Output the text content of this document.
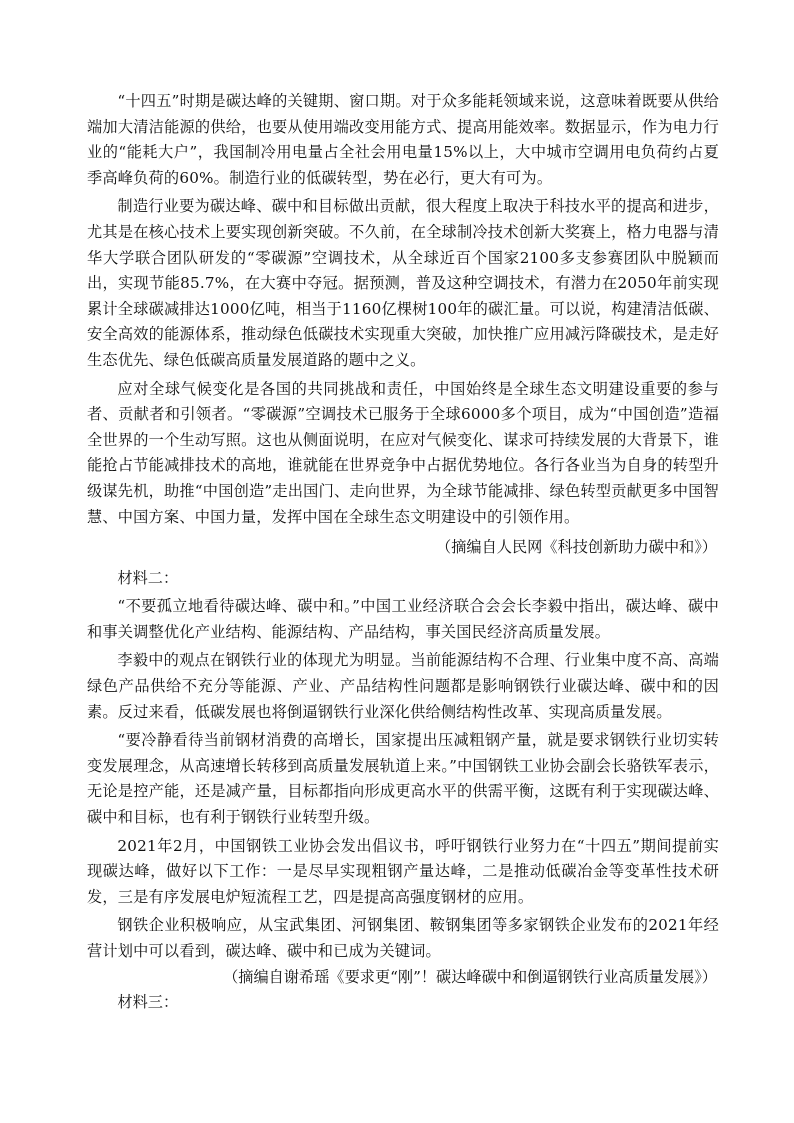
“十四五”时期是碳达峰的关键期、窗口期。对于众多能耗领域来说，这意味着既要从供给端加大清洁能源的供给，也要从使用端改变用能方式、提高用能效率。数据显示，作为电力行业的“能耗大户”，我国制冷用电量占全社会用电量15%以上，大中城市空调用电负荷约占夏季高峰负荷的60%。制造行业的低碳转型，势在必行，更大有可为。

制造行业要为碳达峰、碳中和目标做出贡献，很大程度上取决于科技水平的提高和进步，尤其是在核心技术上要实现创新突破。不久前，在全球制冷技术创新大奖赛上，格力电器与清华大学联合团队研发的“零碳源”空调技术，从全球近百个国家2100多支参赛团队中脱颖而出，实现节能85.7%，在大赛中夺冠。据预测，普及这种空调技术，有潜力在2050年前实现累计全球碳减排达1000亿吨，相当于1160亿棵树100年的碳汇量。可以说，构建清洁低碳、安全高效的能源体系，推动绿色低碳技术实现重大突破，加快推广应用减污降碳技术，是走好生态优先、绿色低碳高质量发展道路的题中之义。

应对全球气候变化是各国的共同挑战和责任，中国始终是全球生态文明建设重要的参与者、贡献者和引领者。“零碳源”空调技术已服务于全球6000多个项目，成为“中国创造”造福全世界的一个生动写照。这也从侧面说明，在应对气候变化、谋求可持续发展的大背景下，谁能抢占节能减排技术的高地，谁就能在世界竞争中占据优势地位。各行各业当为自身的转型升级谋先机，助推“中国创造”走出国门、走向世界，为全球节能减排、绿色转型贡献更多中国智慧、中国方案、中国力量，发挥中国在全球生态文明建设中的引领作用。

（摘编自人民网《科技创新助力碳中和》）

材料二：

“不要孤立地看待碳达峰、碳中和。”中国工业经济联合会会长李毅中指出，碳达峰、碳中和事关调整优化产业结构、能源结构、产品结构，事关国民经济高质量发展。

李毅中的观点在钢铁行业的体现尤为明显。当前能源结构不合理、行业集中度不高、高端绿色产品供给不充分等能源、产业、产品结构性问题都是影响钢铁行业碳达峰、碳中和的因素。反过来看，低碳发展也将倒逼钢铁行业深化供给侧结构性改革、实现高质量发展。

“要冷静看待当前钢材消费的高增长，国家提出压减粗钢产量，就是要求钢铁行业切实转变发展理念，从高速增长转移到高质量发展轨道上来。”中国钢铁工业协会副会长骆铁军表示，无论是控产能，还是减产量，目标都指向形成更高水平的供需平衡，这既有利于实现碳达峰、碳中和目标，也有利于钢铁行业转型升级。

2021年2月，中国钢铁工业协会发出倡议书，呼吁钢铁行业努力在“十四五”期间提前实现碳达峰，做好以下工作：一是尽早实现粗钢产量达峰，二是推动低碳冶金等变革性技术研发，三是有序发展电炉短流程工艺，四是提高高强度钢材的应用。

钢铁企业积极响应，从宝武集团、河钢集团、鞍钢集团等多家钢铁企业发布的2021年经营计划中可以看到，碳达峰、碳中和已成为关键词。

（摘编自谢希瑶《要求更“刚”！碳达峰碳中和倒逼钢铁行业高质量发展》）

材料三：
